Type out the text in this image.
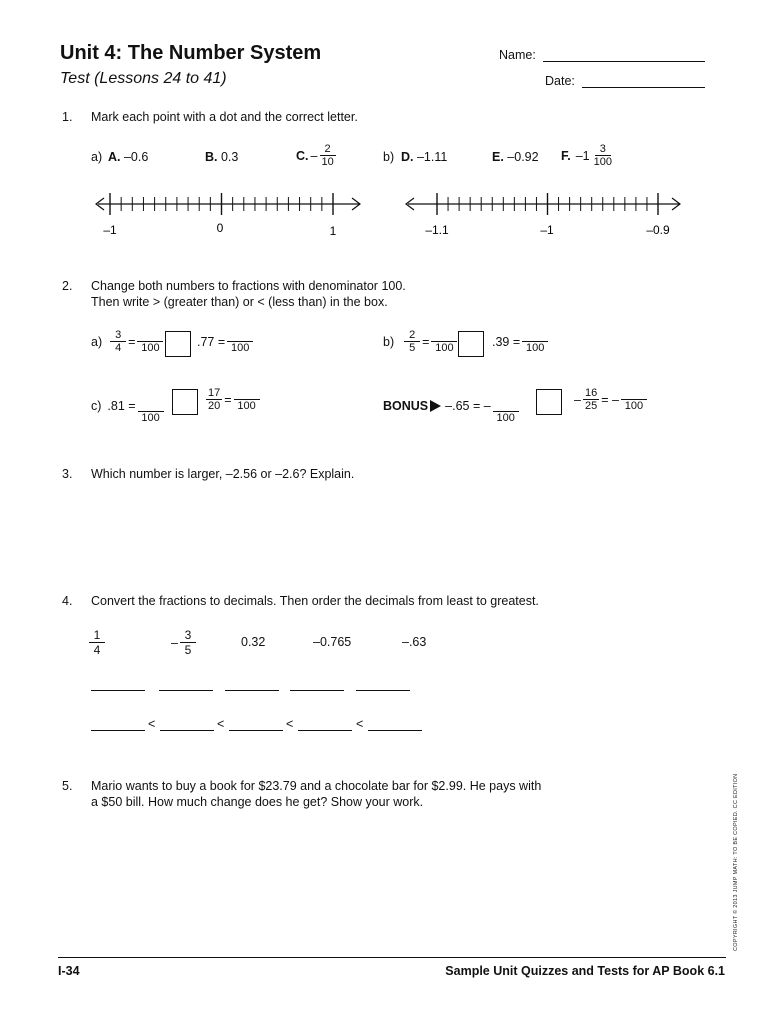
Unit 4: The Number System
Test (Lessons 24 to 41)
Name:
Date:
1. Mark each point with a dot and the correct letter.
a) A. –0.6	B. 0.3	C. – $\frac{2}{10}$	b) D. –1.11	E. –0.92 F. $-1 \frac{3}{100}$
–1	0	1	–1.1	–1	–0.9
2. Change both numbers to fractions with denominator 100.
Then write > (greater than) or < (less than) in the box.
$a) \frac{3}{4}$ =
100	.77 =
100	$b) \frac{2}{5}$ =
100	.39 =
100
c) .81 =

100
$\frac{17}{20}$ =
100	BONUS –.65 = –

100
– $\frac{16}{25}$ = –
100
3. Which number is larger, –2.56 or –2.6? Explain.
4. Convert the fractions to decimals. Then order the decimals from least to greatest.
$\frac{1}{4}$	– $\frac{3}{5}$	0.32	–0.765	–.63
<	<	<	<
5. Mario wants to buy a book for $23.79 and a chocolate bar for $2.99. He pays with
a $50 bill. How much change does he get? Show your work.	COPYRIGHT © 2013 JUMP MATH: TO BE COPIED. CC EDITION
I-34	Sample Unit Quizzes and Tests for AP Book 6.1
